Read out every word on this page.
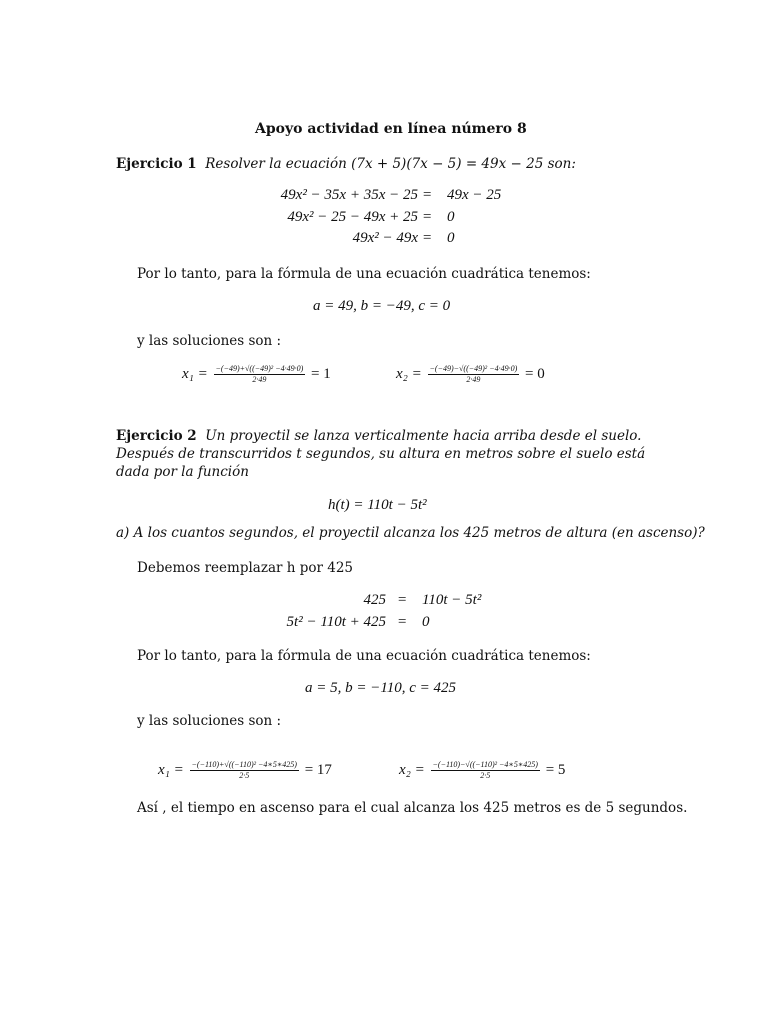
Apoyo actividad en línea número 8
Ejercicio 1 Resolver la ecuación (7x + 5)(7x − 5) = 49x − 25 son:
49x² − 35x + 35x − 25 = 49x − 25
49x² − 25 − 49x + 25 = 0
49x² − 49x = 0
Por lo tanto, para la fórmula de una ecuación cuadrática tenemos:
a = 49, b = −49, c = 0
y las soluciones son :
$x_1 = \frac{\text{−(−49)+√((−49)² −4·49·0)}}{2\cdot 49} = 1$	$x_2 = \frac{\text{−(−49)−√((−49)² −4·49·0)}}{2\cdot 49} = 0$
Ejercicio 2 Un proyectil se lanza verticalmente hacia arriba desde el suelo. Después de transcurridos t segundos, su altura en metros sobre el suelo está dada por la función
h(t) = 110t − 5t²
a) A los cuantos segundos, el proyectil alcanza los 425 metros de altura (en ascenso)?
Debemos reemplazar h por 425
425 = 110t − 5t²
5t² − 110t + 425 = 0
Por lo tanto, para la fórmula de una ecuación cuadrática tenemos:
a = 5, b = −110, c = 425
y las soluciones son :
$x_1 = \frac{\text{−(−110)+√((−110)² −4∗5∗425)}}{2\cdot 5} = 17$	$x_2 = \frac{\text{−(−110)−√((−110)² −4∗5∗425)}}{2\cdot 5} = 5$
Así , el tiempo en ascenso para el cual alcanza los 425 metros es de 5 segundos.
